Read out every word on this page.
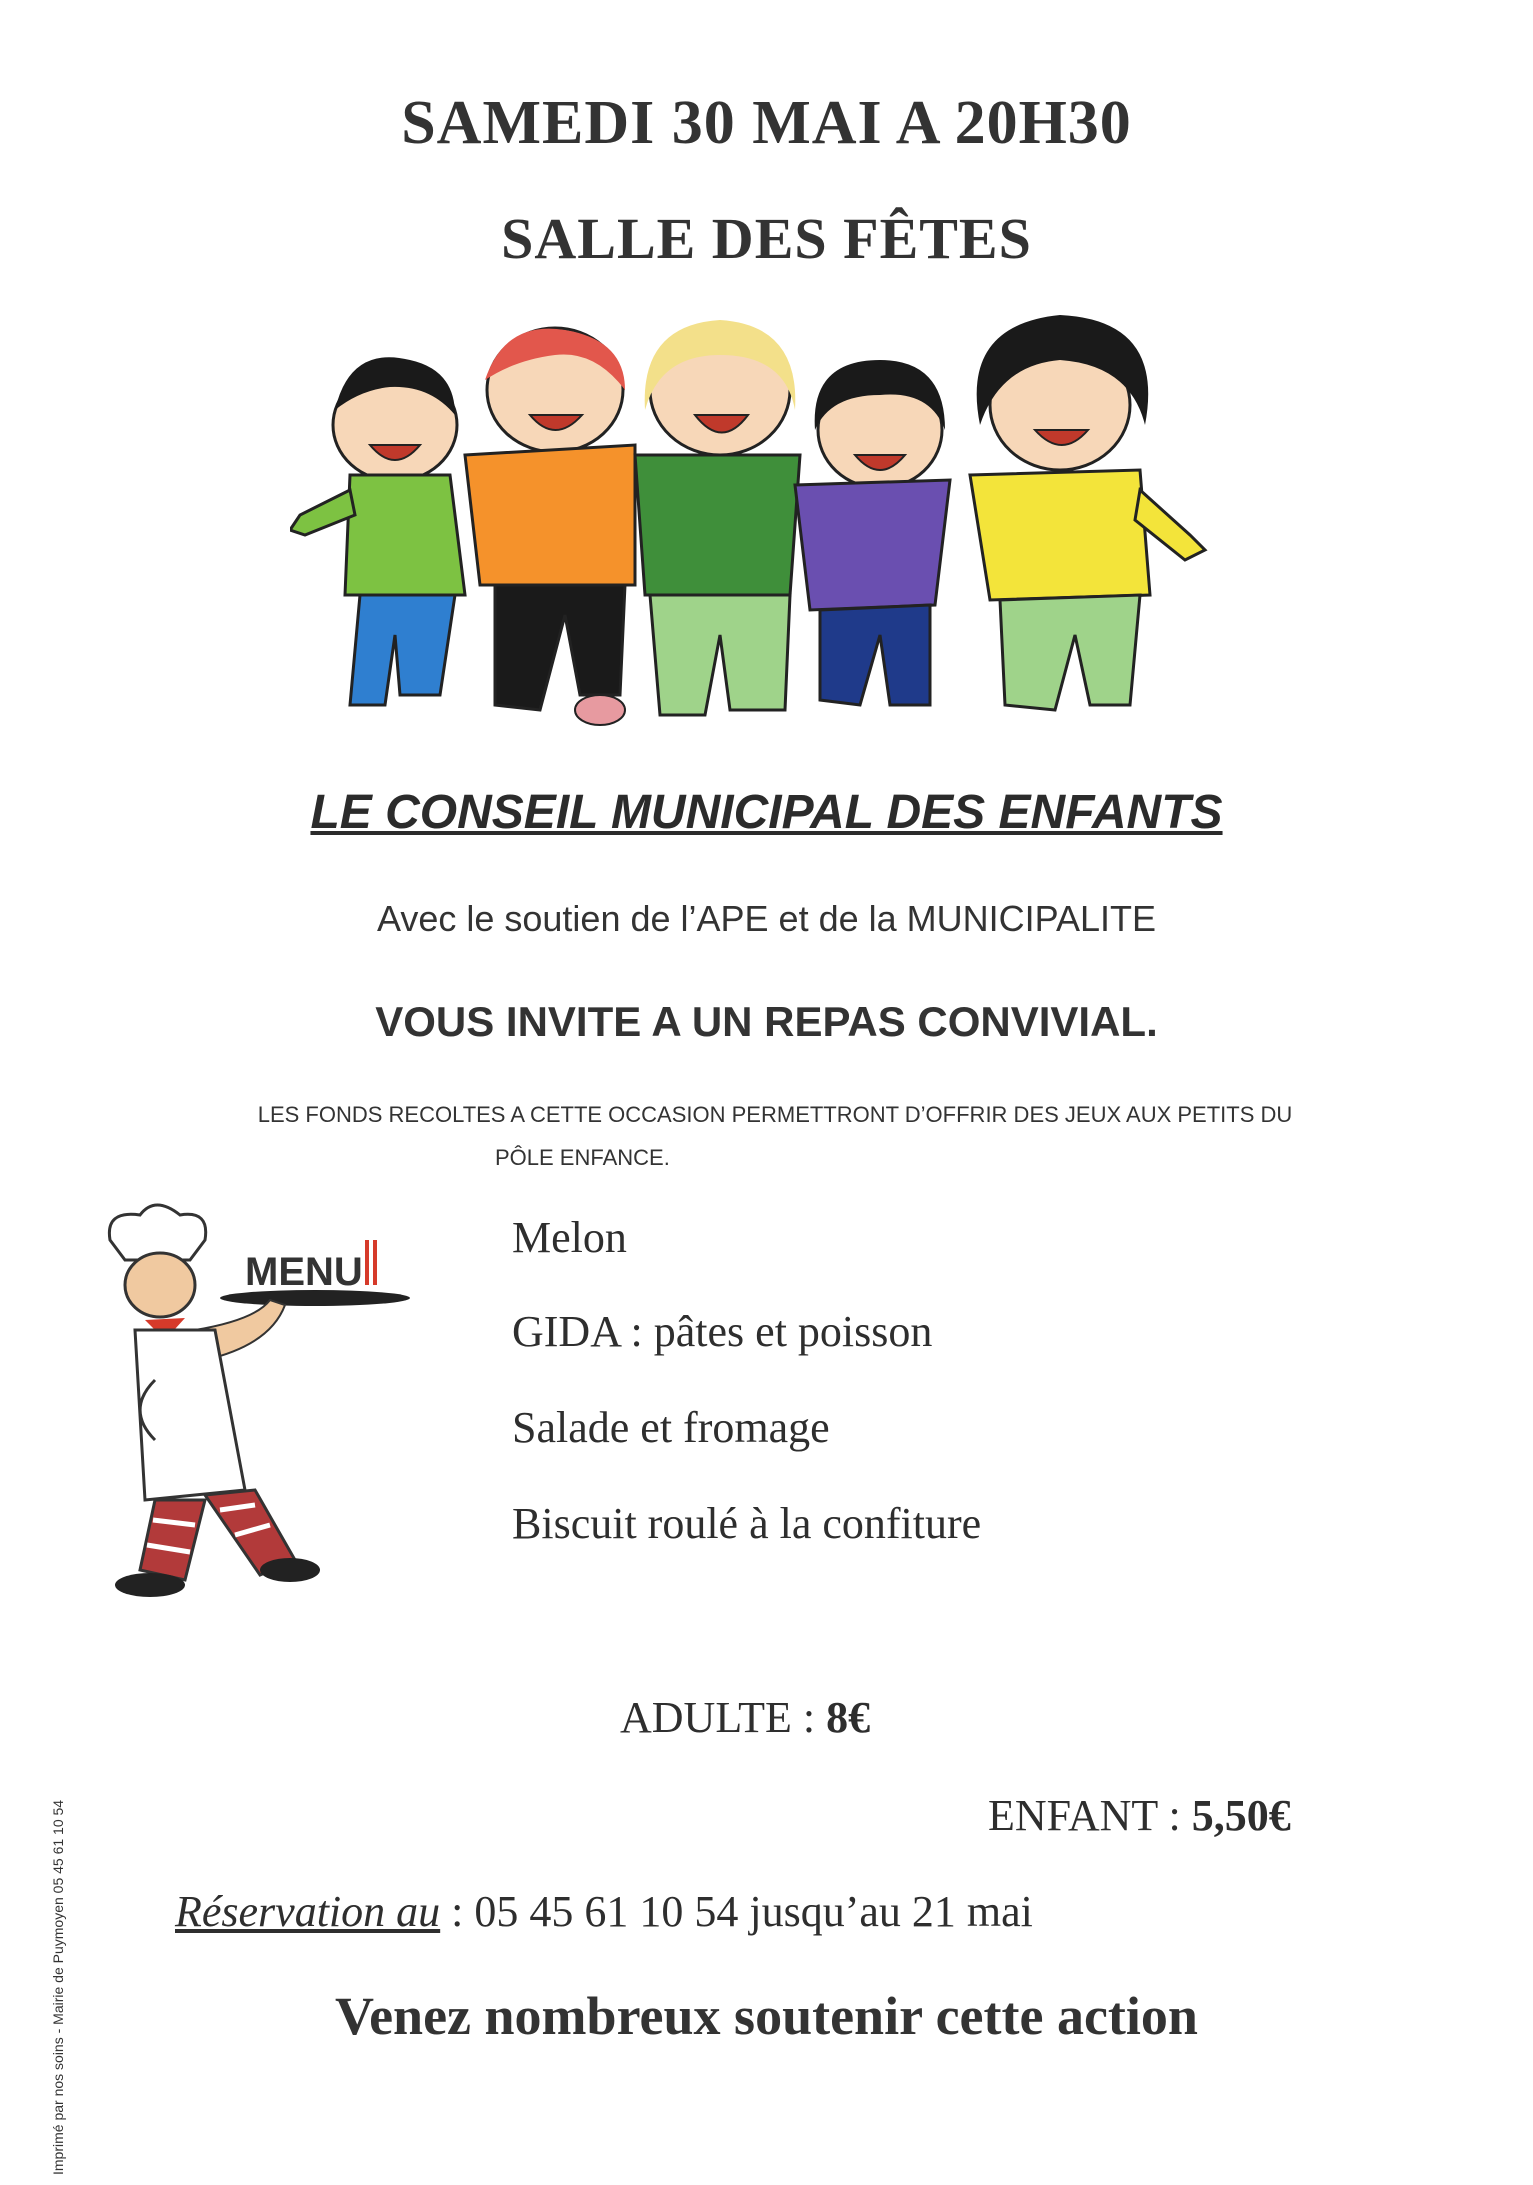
SAMEDI 30 MAI A 20H30
SALLE DES FÊTES
LE CONSEIL MUNICIPAL DES ENFANTS
Avec le soutien de l’APE et de la MUNICIPALITE
VOUS INVITE A UN REPAS CONVIVIAL.
LES FONDS RECOLTES A CETTE OCCASION PERMETTRONT D’OFFRIR DES JEUX AUX PETITS DU
PÔLE ENFANCE.
MENU
Melon
GIDA : pâtes et poisson
Salade et fromage
Biscuit roulé à la confiture
ADULTE : 8€
ENFANT : 5,50€
Réservation au : 05 45 61 10 54 jusqu’au 21 mai
Venez nombreux soutenir cette action
Imprimé par nos soins - Mairie de Puymoyen 05 45 61 10 54
